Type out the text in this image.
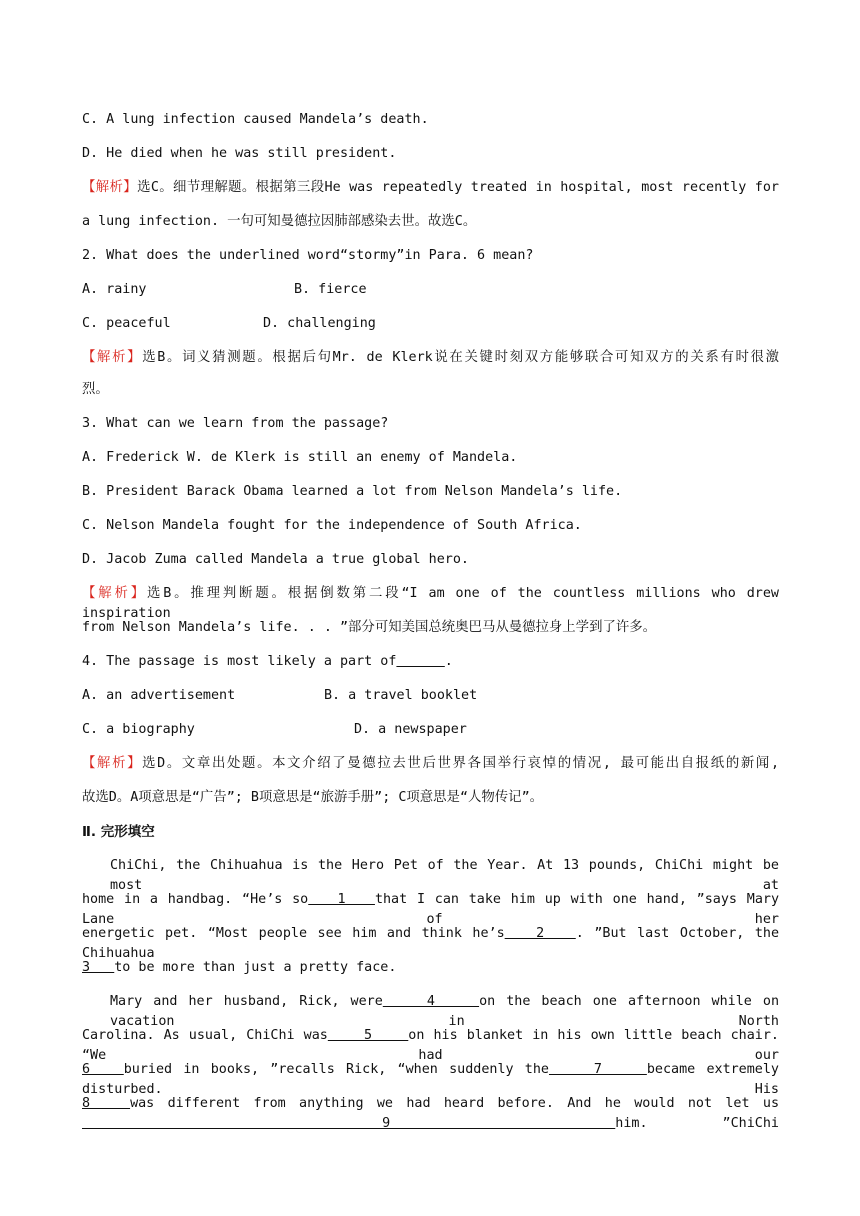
C. A lung infection caused Mandela’s death.
D. He died when he was still president.
【解析】选C。细节理解题。根据第三段He was repeatedly treated in hospital, most recently for
a lung infection. 一句可知曼德拉因肺部感染去世。故选C。
2. What does the underlined word“stormy”in Para. 6 mean?
A. rainy	B. fierce
C. peaceful	D. challenging
【解析】选B。词义猜测题。根据后句Mr. de Klerk说在关键时刻双方能够联合可知双方的关系有时很激
烈。
3. What can we learn from the passage?
A. Frederick W. de Klerk is still an enemy of Mandela.
B. President Barack Obama learned a lot from Nelson Mandela’s life.
C. Nelson Mandela fought for the independence of South Africa.
D. Jacob Zuma called Mandela a true global hero.
【解析】选B。推理判断题。根据倒数第二段“I am one of the countless millions who drew inspiration
from Nelson Mandela’s life. . . ”部分可知美国总统奥巴马从曼德拉身上学到了许多。
4. The passage is most likely a part of	.
A. an advertisement	B. a travel booklet
C. a biography	D. a newspaper
【解析】选D。文章出处题。本文介绍了曼德拉去世后世界各国举行哀悼的情况, 最可能出自报纸的新闻,
故选D。A项意思是“广告”; B项意思是“旅游手册”; C项意思是“人物传记”。
Ⅱ. 完形填空
ChiChi, the Chihuahua is the Hero Pet of the Year. At 13 pounds, ChiChi might be most at
home in a handbag. “He’s so   1   that I can take him up with one hand, ”says Mary Lane of her
energetic pet. “Most people see him and think he’s   2   . ”But last October, the Chihuahua
3   to be more than just a pretty face.
Mary and her husband, Rick, were    4    on the beach one afternoon while on vacation in North
Carolina. As usual, ChiChi was    5    on his blanket in his own little beach chair. “We had our
6   buried in books, ”recalls Rick, “when suddenly the    7    became extremely disturbed. His
8   was different from anything we had heard before. And he would not let us    9   him. ”ChiChi
